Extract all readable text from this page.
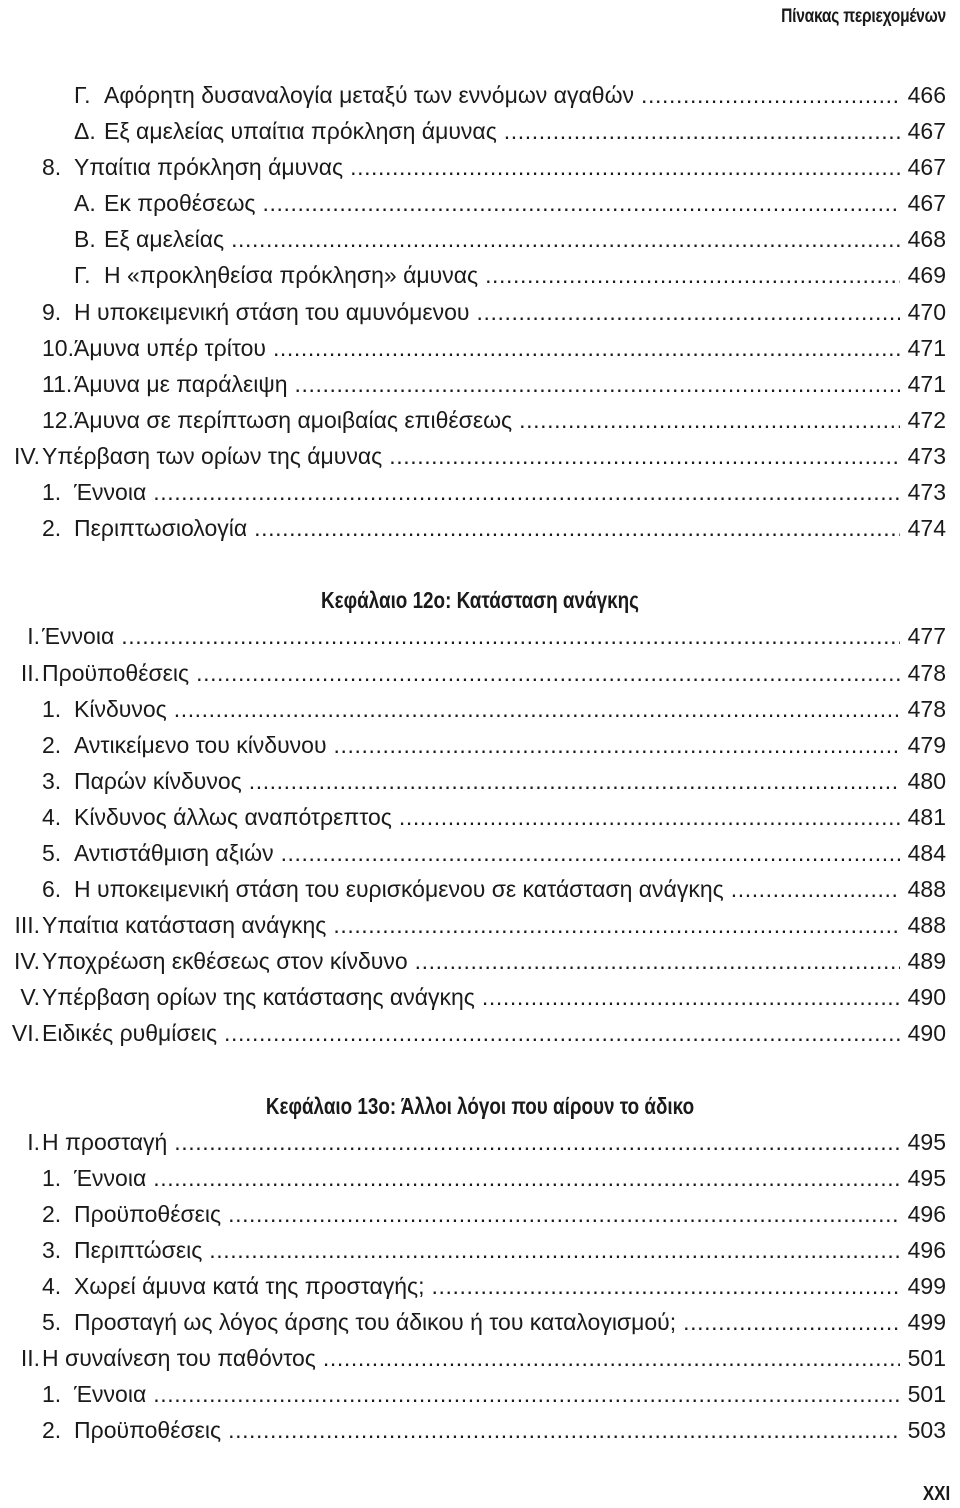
Πίνακας περιεχομένων
Γ. Αφόρητη δυσαναλογία μεταξύ των εννόμων αγαθών .....	466
Δ. Εξ αμελείας υπαίτια πρόκληση άμυνας .....	467
8. Υπαίτια πρόκληση άμυνας .....	467
Α. Εκ προθέσεως .....	467
Β. Εξ αμελείας .....	468
Γ. Η «προκληθείσα πρόκληση» άμυνας .....	469
9. Η υποκειμενική στάση του αμυνόμενου .....	470
10. Άμυνα υπέρ τρίτου .....	471
11. Άμυνα με παράλειψη .....	471
12. Άμυνα σε περίπτωση αμοιβαίας επιθέσεως .....	472
IV. Υπέρβαση των ορίων της άμυνας .....	473
1. Έννοια .....	473
2. Περιπτωσιολογία .....	474
Κεφάλαιο 12ο: Κατάσταση ανάγκης
I. Έννοια .....	477
II. Προϋποθέσεις .....	478
1. Κίνδυνος .....	478
2. Αντικείμενο του κίνδυνου .....	479
3. Παρών κίνδυνος .....	480
4. Κίνδυνος άλλως αναπότρεπτος .....	481
5. Αντιστάθμιση αξιών .....	484
6. Η υποκειμενική στάση του ευρισκόμενου σε κατάσταση ανάγκης .....	488
III. Υπαίτια κατάσταση ανάγκης .....	488
IV. Υποχρέωση εκθέσεως στον κίνδυνο .....	489
V. Υπέρβαση ορίων της κατάστασης ανάγκης .....	490
VI. Ειδικές ρυθμίσεις .....	490
Κεφάλαιο 13ο: Άλλοι λόγοι που αίρουν το άδικο
I. Η προσταγή .....	495
1. Έννοια .....	495
2. Προϋποθέσεις .....	496
3. Περιπτώσεις .....	496
4. Χωρεί άμυνα κατά της προσταγής; .....	499
5. Προσταγή ως λόγος άρσης του άδικου ή του καταλογισμού; .....	499
II. Η συναίνεση του παθόντος .....	501
1. Έννοια .....	501
2. Προϋποθέσεις .....	503
XXI
